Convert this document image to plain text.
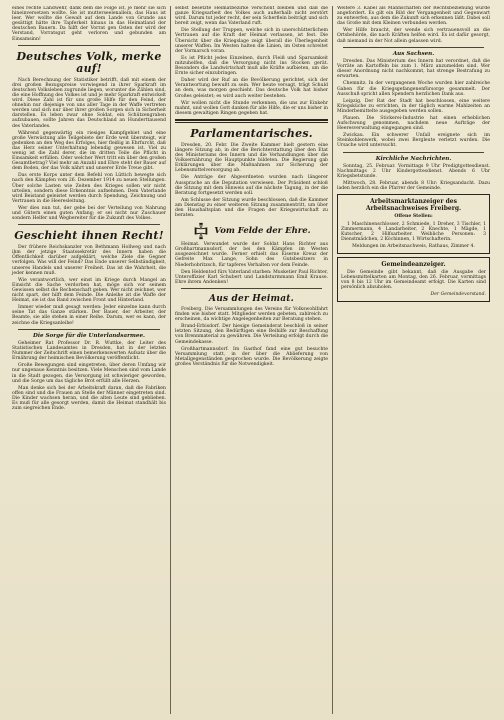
eines rechte Landwehr, dank dem die Folge ist, je mehr sie sich hineinversetzen wollte. Sie ist mutterseelenallein, das Haus ist leer. Wer wollte die Gewalt auf dem Lande von Grunde aus gesättigt hätte ihre Tapferkeit hinaus in das Heimatland der deutschen Bauern. Da hilft der Vorrat gen Osten der wird der Verstand, Vorratsgut geht verloren und gebunden am Einsamsinn!

Deutsches Volk, merke auf!

Nach Berechnung der Statistiker betrifft, daß mit einem der drei großen Bezugspreise vorwiegend in ihrer Sparkraft im deutschen Volksleben zugrunde liegen, worunter die Zählen sind, die eine Hoffnung des Volkes ist und je mehr Sparkraft entwickelt wird. Diese Zahl ist für uns große Hilfe für den Feind, der ohnehin nur diejenige von uns aller Tage in der Waffe vertreten werden und sich nur über ihrer großen Sorgen sich in Sicherheit darstellen. Es leben zwar ohne Soldat, ein Schützengraben aufzubauen, sollte Jahren das Deutschland an Hunderttausend des Vaterlandes.

Während gegenwärtig ein riesiges Kampfgebiet und eine große Verwüstung alle Teilgebiete der Erde weit übersteigt, wir gedenken an den Weg des Erfolges, hier fleißig in Ehrfurcht, daß das Herz seiner Unterhaltung lebendig gewesen ist. Viel zu wenig ist die Zahl derer, die im dritten Teile die Pflicht in Einsamkeit erfüllen. Oder welcher Wert tritt ein über den großen Gesamtbetrag? Viel mehr an Anzahl und Ehre steht der Bauer auf dem Boden, der das Volk nährt und unserer Erde Treue gibt.

Das erste Korps unter dem Befehl von Lüttich bewegte sich nach den Kämpfen vom 26. Dezember 1914 zu neuen Stellungen. Über solche Lasten wie Zeiten des Krieges sollen wir nicht urteilen, sondern diese Erkenntnis aufnehmen. Dem Vaterlande wird Beistand geleistet werden durch Spendung, Zeichnung und Vertrauen in die Heeresleitung.

Wer dies nun tut, der gebe bei der Verteilung von Nahrung und Gütern einen guten Anfang; er sei nicht nur Zuschauer sondern Helfer und Wegbereiter für die Zukunft des Volkes.

Geschieht ihnen Recht!

Der frühere Reichskanzler von Bethmann Hollweg und nach ihm der jetzige Staatssekretär des Innern haben die Öffentlichkeit darüber aufgeklärt, welche Ziele die Gegner verfolgen. Was will der Feind? Das Ende unserer Selbständigkeit, unseres Handels und unserer Freiheit. Das ist die Wahrheit, die jeder kennen muß.

Wie verantwortlich, wer einst im Kriege durch Mangel an Einsicht die Sache verdorben hat, möge sich vor seinem Gewissen selbst die Rechenschaft geben. Wer nicht zeichnet, wer nicht spart, der hilft dem Feinde. Die Anleihe ist die Waffe der Heimat, sie ist das Band zwischen Front und Hinterland.

Immer wieder muß gesagt werden: Jeder einzelne kann durch seine Tat das Ganze stärken. Der Bauer, der Arbeiter, der Beamte, sie alle stehen in einer Reihe. Darum, wer es kann, der zeichne die Kriegsanleihe!

Die Sorge für die Unterlandsarmee.

Geheimer Rat Professor Dr. R. Wuttke, der Leiter des Statistischen Landesamtes in Dresden, hat in der letzten Nummer der Zeitschrift einen bemerkenswerten Aufsatz über die Ernährung der heimischen Bevölkerung veröffentlicht.

Große Bewegungen sind eingetreten, über deren Umfang wir nur ungenaue Kenntnis besitzen. Viele Menschen sind vom Lande in die Stadt gezogen, die Versorgung ist schwieriger geworden, und die Sorge um das tägliche Brot erfüllt alle Herzen.

Man denke sich bei der Arbeitskraft daran, daß die Fabriken offen sind und die Frauen an Stelle der Männer eingetreten sind. Die Kinder wachsen heran, und die alten Leute sind geblieben. Es muß für alle gesorgt werden, damit die Heimat standhält bis zum siegreichen Ende.

selbst besetzte Heimatbezirke verschont bleiben und daß die ganze Kriegsarbeit des Volkes auch außerhalb nicht zerstört wird. Darum tut jeder recht, der sein Scherflein beiträgt und sich bereit zeigt, wenn das Vaterland ruft.

Die Stellung der Truppen, welche sich in unerschütterlichem Vertrauen auf die Kraft der Heimat verlassen, ist fest. Die Übersicht über die Kriegslage zeigt überall die Überlegenheit unserer Waffen. Im Westen halten die Linien, im Osten schreitet der Vormarsch voran.

Es ist Pflicht jedes Einzelnen, durch Fleiß und Sparsamkeit mitzuhelfen, daß die Versorgung nicht ins Stocken gerät. Besonders die Landwirtschaft muß alle Kräfte aufbieten, um die Ernte sicher einzubringen.

Daher wird der Ruf an die Bevölkerung gerichtet, sich der Verantwortung bewußt zu sein. Wer heute versagt, trägt Schuld an dem, was morgen geschieht. Das deutsche Volk hat bisher Großes geleistet; es wird auch weiter bestehen.

Wir wollen nicht die Stunde verkennen, die uns zur Einkehr mahnt, und wollen Gott danken für alle Hilfe, die er uns bisher in diesem gewaltigen Ringen gegeben hat.

Parlamentarisches.

Dresden, 20. Febr. Die Zweite Kammer hielt gestern eine längere Sitzung ab, in der die Berichterstattung über den Etat des Ministeriums des Innern und die Verhandlungen über die Volksernährung die Hauptpunkte bildeten. Die Regierung gab Erklärungen über die Maßnahmen zur Sicherung der Lebensmittelversorgung ab.

Die Anträge der Abgeordneten wurden nach längerer Aussprache an die Deputation verwiesen. Der Präsident schloß die Sitzung mit dem Hinweis auf die nächste Tagung, in der die Beratung fortgesetzt werden soll.

Am Schlusse der Sitzung wurde beschlossen, daß die Kammer am Dienstag zu einer weiteren Sitzung zusammentritt, um über den Haushaltsplan und die Fragen der Kriegswirtschaft zu beraten.

Vom Felde der Ehre.

Heimat. Verwundet wurde der Soldat Hans Richter aus Großhartmannsdorf, der bei den Kämpfen im Westen ausgezeichnet wurde. Ferner erhielt das Eiserne Kreuz der Gefreite Max Lange, Sohn des Gutsbesitzers in Niederbobritzsch, für tapferes Verhalten vor dem Feinde.

Den Heldentod fürs Vaterland starben: Musketier Paul Richter, Unteroffizier Karl Schubert und Landsturmmann Emil Krause. Ehre ihrem Andenken!

Aus der Heimat.

Freiberg. Die Versammlungen des Vereins für Volkswohlfahrt finden wie bisher statt. Mitglieder werden gebeten, zahlreich zu erscheinen, da wichtige Angelegenheiten zur Beratung stehen.

Brand-Erbisdorf. Der hiesige Gemeinderat beschloß in seiner letzten Sitzung, den Bedürftigen eine Beihilfe zur Beschaffung von Brennmaterial zu gewähren. Die Verteilung erfolgt durch die Gemeindekasse.

Großhartmannsdorf. Im Gasthof fand eine gut besuchte Versammlung statt, in der über die Ablieferung von Metallgegenständen gesprochen wurde. Die Bevölkerung zeigte großes Verständnis für die Notwendigkeit.

Weitere 3. Kabel als Mannschaften der Rechtsbeziehung wurde angefordert. Es gilt ein Bild der Vergangenheit und Gegenwart zu entwerfen, aus dem die Zukunft sich erkennen läßt. Dabei soll das Große mit dem Kleinen verbunden werden.

Wer Hilfe braucht, der wende sich vertrauensvoll an die Ortsbehörde, die nach Kräften helfen wird. Es ist dafür gesorgt, daß niemand in der Not allein gelassen wird.

Aus Sachsen.

Dresden. Das Ministerium des Innern hat verordnet, daß die Vorräte an Kartoffeln bis zum 1. März anzumelden sind. Wer dieser Anordnung nicht nachkommt, hat strenge Bestrafung zu erwarten.

Chemnitz. In der vergangenen Woche wurden hier zahlreiche Gaben für die Kriegsgefangenenfürsorge gesammelt. Der Ausschuß spricht allen Spendern herzlichen Dank aus.

Leipzig. Der Rat der Stadt hat beschlossen, eine weitere Kriegsküche zu errichten, in der täglich warme Mahlzeiten an Minderbemittelte ausgegeben werden sollen.

Plauen. Die Stickerei-Industrie hat einen erheblichen Aufschwung genommen, nachdem neue Aufträge der Heeresverwaltung eingegangen sind.

Zwickau. Ein schwerer Unfall ereignete sich im Steinkohlenwerk, wobei zwei Bergleute verletzt wurden. Die Ursache wird untersucht.

Kirchliche Nachrichten.

Sonntag, 25. Februar. Vormittags 9 Uhr Predigtgottesdienst. Nachmittags 2 Uhr Kindergottesdienst. Abends 6 Uhr Kriegsbetstunde.

Mittwoch, 28. Februar, abends 8 Uhr: Kriegsandacht. Dazu laden herzlich ein die Pfarrer der Gemeinde.

Arbeitsmarktanzeiger des Arbeitsnachweises Freiberg.

Offene Stellen:

1 Maschinenschlosser, 2 Schmiede, 1 Dreher, 3 Tischler, 1 Zimmermann, 4 Landarbeiter, 2 Knechte, 1 Mägde, 1 Kutscher, 2 Hilfsarbeiter. Weibliche Personen: 3 Dienstmädchen, 2 Köchinnen, 1 Wirtschafterin.

Meldungen im Arbeitsnachweis, Rathaus, Zimmer 4.

Gemeindeanzeiger.

Die Gemeinde gibt bekannt, daß die Ausgabe der Lebensmittelkarten am Montag, den 26. Februar, vormittags von 8 bis 12 Uhr im Gemeindeamt erfolgt. Die Karten sind persönlich abzuholen.

Der Gemeindevorstand.
